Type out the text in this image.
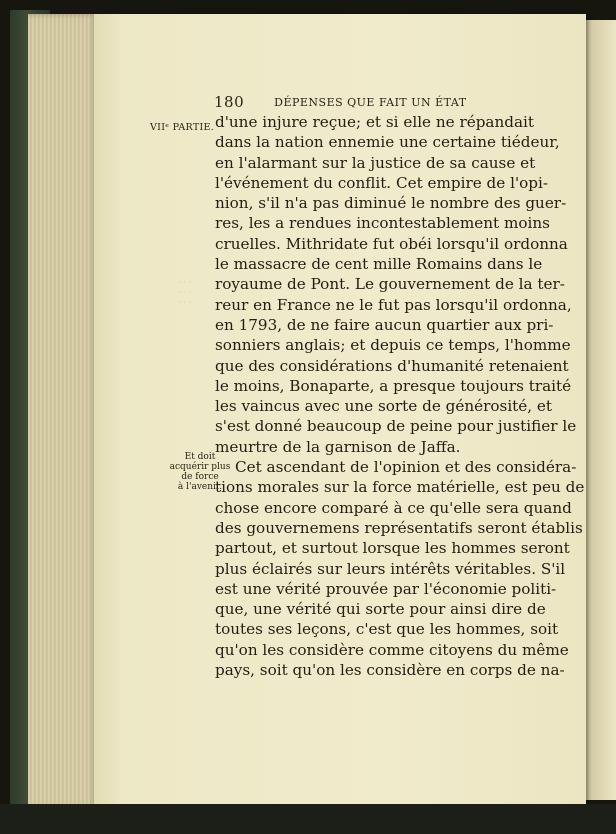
· · ·
· · ·
· · ·
180	DÉPENSES QUE FAIT UN ÉTAT
VIIᵉ PARTIE.
Et doit
acquérir plus
de force
à l'avenir.
d'une injure reçue; et si elle ne répandait
dans la nation ennemie une certaine tiédeur,
en l'alarmant sur la justice de sa cause et
l'événement du conflit. Cet empire de l'opi-
nion, s'il n'a pas diminué le nombre des guer-
res, les a rendues incontestablement moins
cruelles. Mithridate fut obéi lorsqu'il ordonna
le massacre de cent mille Romains dans le
royaume de Pont. Le gouvernement de la ter-
reur en France ne le fut pas lorsqu'il ordonna,
en 1793, de ne faire aucun quartier aux pri-
sonniers anglais; et depuis ce temps, l'homme
que des considérations d'humanité retenaient
le moins, Bonaparte, a presque toujours traité
les vaincus avec une sorte de générosité, et
s'est donné beaucoup de peine pour justifier le
meurtre de la garnison de Jaffa.
Cet ascendant de l'opinion et des considéra-
tions morales sur la force matérielle, est peu de
chose encore comparé à ce qu'elle sera quand
des gouvernemens représentatifs seront établis
partout, et surtout lorsque les hommes seront
plus éclairés sur leurs intérêts véritables. S'il
est une vérité prouvée par l'économie politi-
que, une vérité qui sorte pour ainsi dire de
toutes ses leçons, c'est que les hommes, soit
qu'on les considère comme citoyens du même
pays, soit qu'on les considère en corps de na-
